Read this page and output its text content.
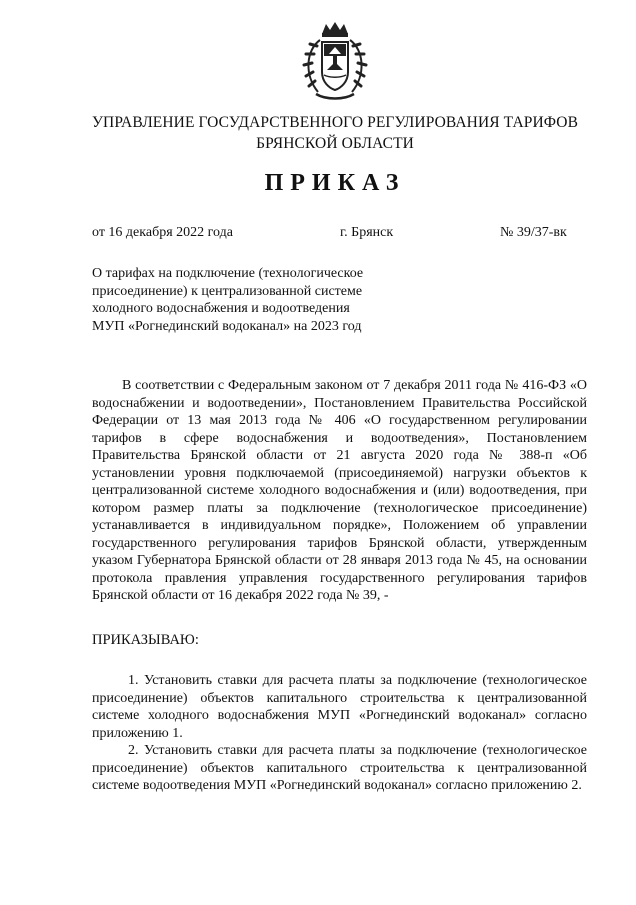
УПРАВЛЕНИЕ ГОСУДАРСТВЕННОГО РЕГУЛИРОВАНИЯ ТАРИФОВ
БРЯНСКОЙ ОБЛАСТИ
ПРИКАЗ
от 16 декабря 2022 года	г. Брянск	№ 39/37-вк
О тарифах на подключение (технологическое
присоединение) к централизованной системе
холодного водоснабжения и водоотведения
МУП «Рогнединский водоканал» на 2023 год

В соответствии с Федеральным законом от 7 декабря 2011 года № 416-ФЗ «О водоснабжении и водоотведении», Постановлением Правительства Российской Федерации от 13 мая 2013 года № 406 «О государственном регулировании тарифов в сфере водоснабжения и водоотведения», Постановлением Правительства Брянской области от 21 августа 2020 года № 388-п «Об установлении уровня подключаемой (присоединяемой) нагрузки объектов к централизованной системе холодного водоснабжения и (или) водоотведения, при котором размер платы за подключение (технологическое присоединение) устанавливается в индивидуальном порядке», Положением об управлении государственного регулирования тарифов Брянской области, утвержденным указом Губернатора Брянской области от 28 января 2013 года № 45, на основании протокола правления управления государственного регулирования тарифов Брянской области от 16 декабря 2022 года № 39, -

ПРИКАЗЫВАЮ:

1. Установить ставки для расчета платы за подключение (технологическое присоединение) объектов капитального строительства к централизованной системе холодного водоснабжения МУП «Рогнединский водоканал» согласно приложению 1.

2. Установить ставки для расчета платы за подключение (технологическое присоединение) объектов капитального строительства к централизованной системе водоотведения МУП «Рогнединский водоканал» согласно приложению 2.
